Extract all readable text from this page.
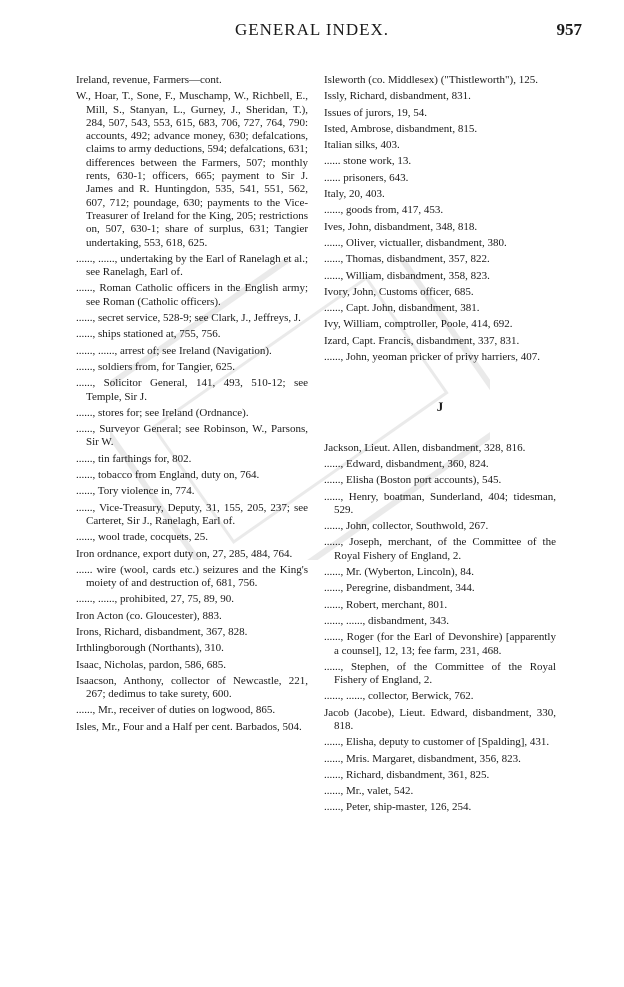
GENERAL INDEX.	957
Ireland, revenue, Farmers—cont.
W., Hoar, T., Sone, F., Muschamp, W., Richbell, E., Mill, S., Stanyan, L., Gurney, J., Sheridan, T.), 284, 507, 543, 553, 615, 683, 706, 727, 764, 790: accounts, 492; advance money, 630; defalcations, claims to army deductions, 594; defalcations, 631; differences between the Farmers, 507; monthly rents, 630-1; officers, 665; payment to Sir J. James and R. Huntingdon, 535, 541, 551, 562, 607, 712; poundage, 630; payments to the Vice-Treasurer of Ireland for the King, 205; restrictions on, 507, 630-1; share of surplus, 631; Tangier undertaking, 553, 618, 625.
......, ......, undertaking by the Earl of Ranelagh et al.; see Ranelagh, Earl of.
......, Roman Catholic officers in the English army; see Roman (Catholic officers).
......, secret service, 528-9; see Clark, J., Jeffreys, J.
......, ships stationed at, 755, 756.
......, ......, arrest of; see Ireland (Navigation).
......, soldiers from, for Tangier, 625.
......, Solicitor General, 141, 493, 510-12; see Temple, Sir J.
......, stores for; see Ireland (Ordnance).
......, Surveyor General; see Robinson, W., Parsons, Sir W.
......, tin farthings for, 802.
......, tobacco from England, duty on, 764.
......, Tory violence in, 774.
......, Vice-Treasury, Deputy, 31, 155, 205, 237; see Carteret, Sir J., Ranelagh, Earl of.
......, wool trade, cocquets, 25.
Iron ordnance, export duty on, 27, 285, 484, 764.
...... wire (wool, cards etc.) seizures and the King's moiety of and destruction of, 681, 756.
......, ......, prohibited, 27, 75, 89, 90.
Iron Acton (co. Gloucester), 883.
Irons, Richard, disbandment, 367, 828.
Irthlingborough (Northants), 310.
Isaac, Nicholas, pardon, 586, 685.
Isaacson, Anthony, collector of Newcastle, 221, 267; dedimus to take surety, 600.
......, Mr., receiver of duties on logwood, 865.
Isles, Mr., Four and a Half per cent. Barbados, 504.
Isleworth (co. Middlesex) ("Thistleworth"), 125.
Issly, Richard, disbandment, 831.
Issues of jurors, 19, 54.
Isted, Ambrose, disbandment, 815.
Italian silks, 403.
...... stone work, 13.
...... prisoners, 643.
Italy, 20, 403.
......, goods from, 417, 453.
Ives, John, disbandment, 348, 818.
......, Oliver, victualler, disbandment, 380.
......, Thomas, disbandment, 357, 822.
......, William, disbandment, 358, 823.
Ivory, John, Customs officer, 685.
......, Capt. John, disbandment, 381.
Ivy, William, comptroller, Poole, 414, 692.
Izard, Capt. Francis, disbandment, 337, 831.
......, John, yeoman pricker of privy harriers, 407.
J
Jackson, Lieut. Allen, disbandment, 328, 816.
......, Edward, disbandment, 360, 824.
......, Elisha (Boston port accounts), 545.
......, Henry, boatman, Sunderland, 404; tidesman, 529.
......, John, collector, Southwold, 267.
......, Joseph, merchant, of the Committee of the Royal Fishery of England, 2.
......, Mr. (Wyberton, Lincoln), 84.
......, Peregrine, disbandment, 344.
......, Robert, merchant, 801.
......, ......, disbandment, 343.
......, Roger (for the Earl of Devonshire) [apparently a counsel], 12, 13; fee farm, 231, 468.
......, Stephen, of the Committee of the Royal Fishery of England, 2.
......, ......, collector, Berwick, 762.
Jacob (Jacobe), Lieut. Edward, disbandment, 330, 818.
......, Elisha, deputy to customer of [Spalding], 431.
......, Mris. Margaret, disbandment, 356, 823.
......, Richard, disbandment, 361, 825.
......, Mr., valet, 542.
......, Peter, ship-master, 126, 254.
